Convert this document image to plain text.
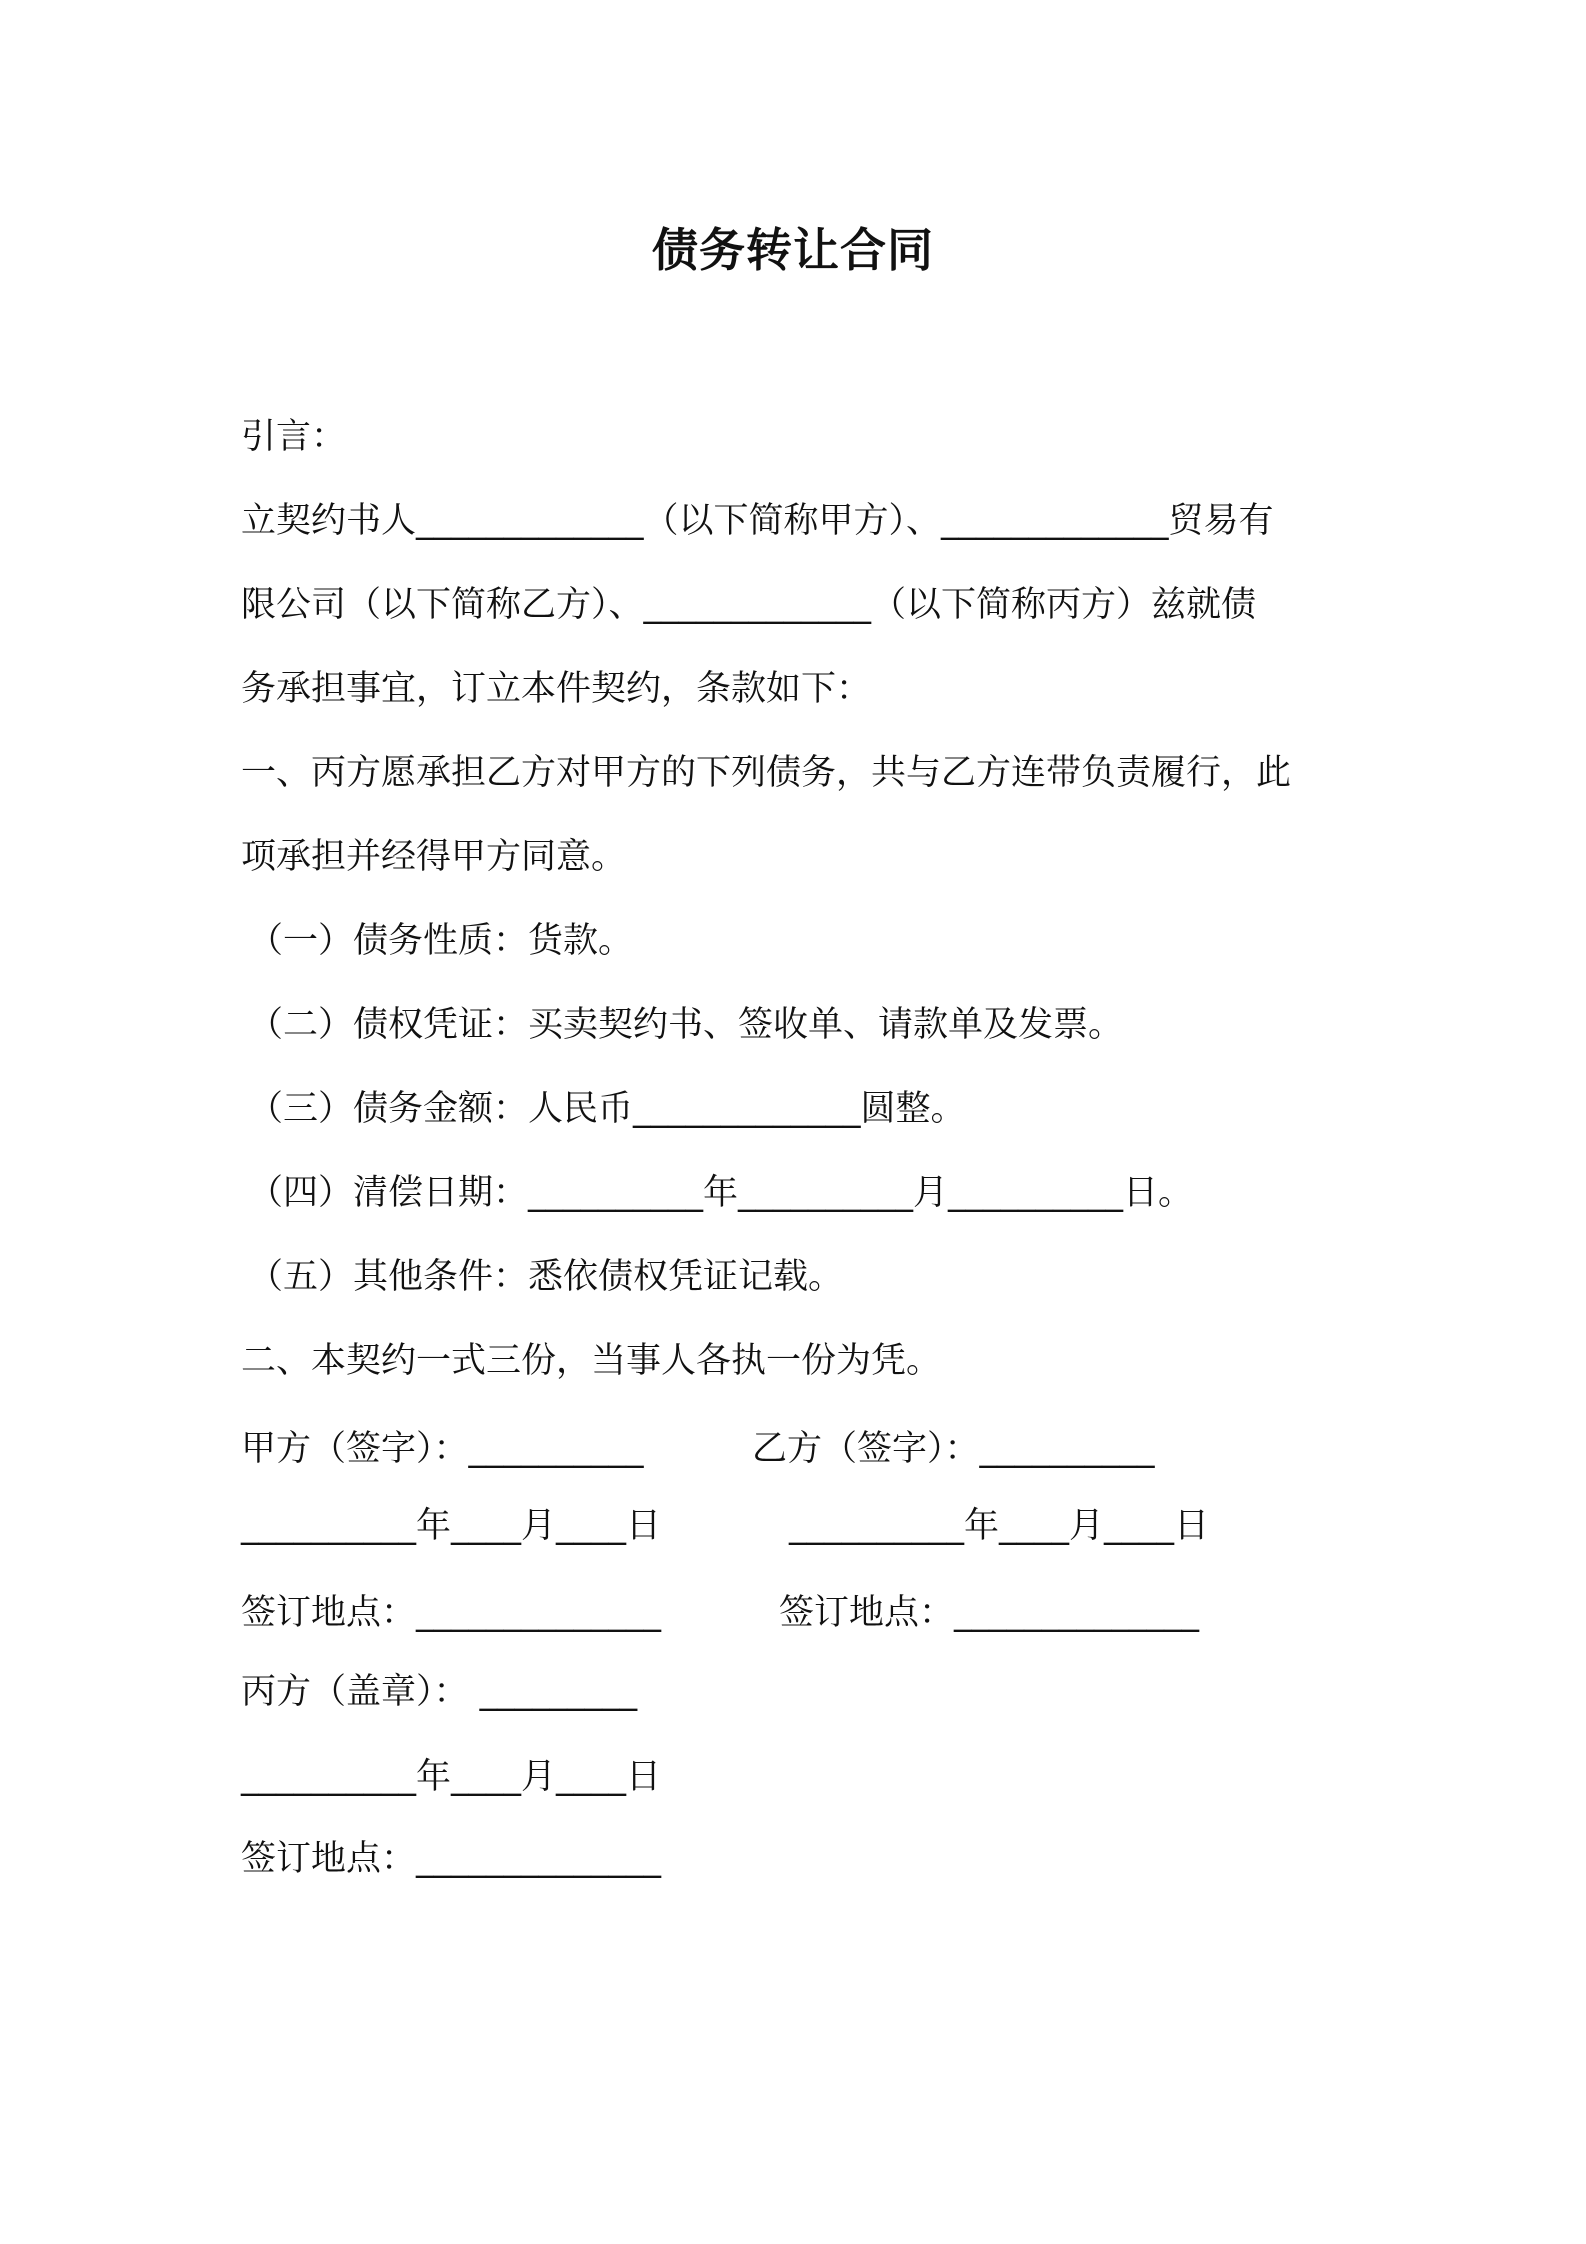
债务转让合同
引言：
立契约书人_____________（以下简称甲方）、_____________贸易有
限公司（以下简称乙方）、_____________（以下简称丙方）兹就债
务承担事宜，订立本件契约，条款如下：
一、丙方愿承担乙方对甲方的下列债务，共与乙方连带负责履行，此
项承担并经得甲方同意。
（一）债务性质：货款。
（二）债权凭证：买卖契约书、签收单、请款单及发票。
（三）债务金额：人民币_____________圆整。
（四）清偿日期：__________年__________月__________日。
（五）其他条件：悉依债权凭证记载。
二、本契约一式三份，当事人各执一份为凭。
甲方（签字）：__________	乙方（签字）：__________
__________年____月____日	__________年____月____日
签订地点：______________	签订地点：______________
丙方（盖章）： _________
__________年____月____日
签订地点：______________
